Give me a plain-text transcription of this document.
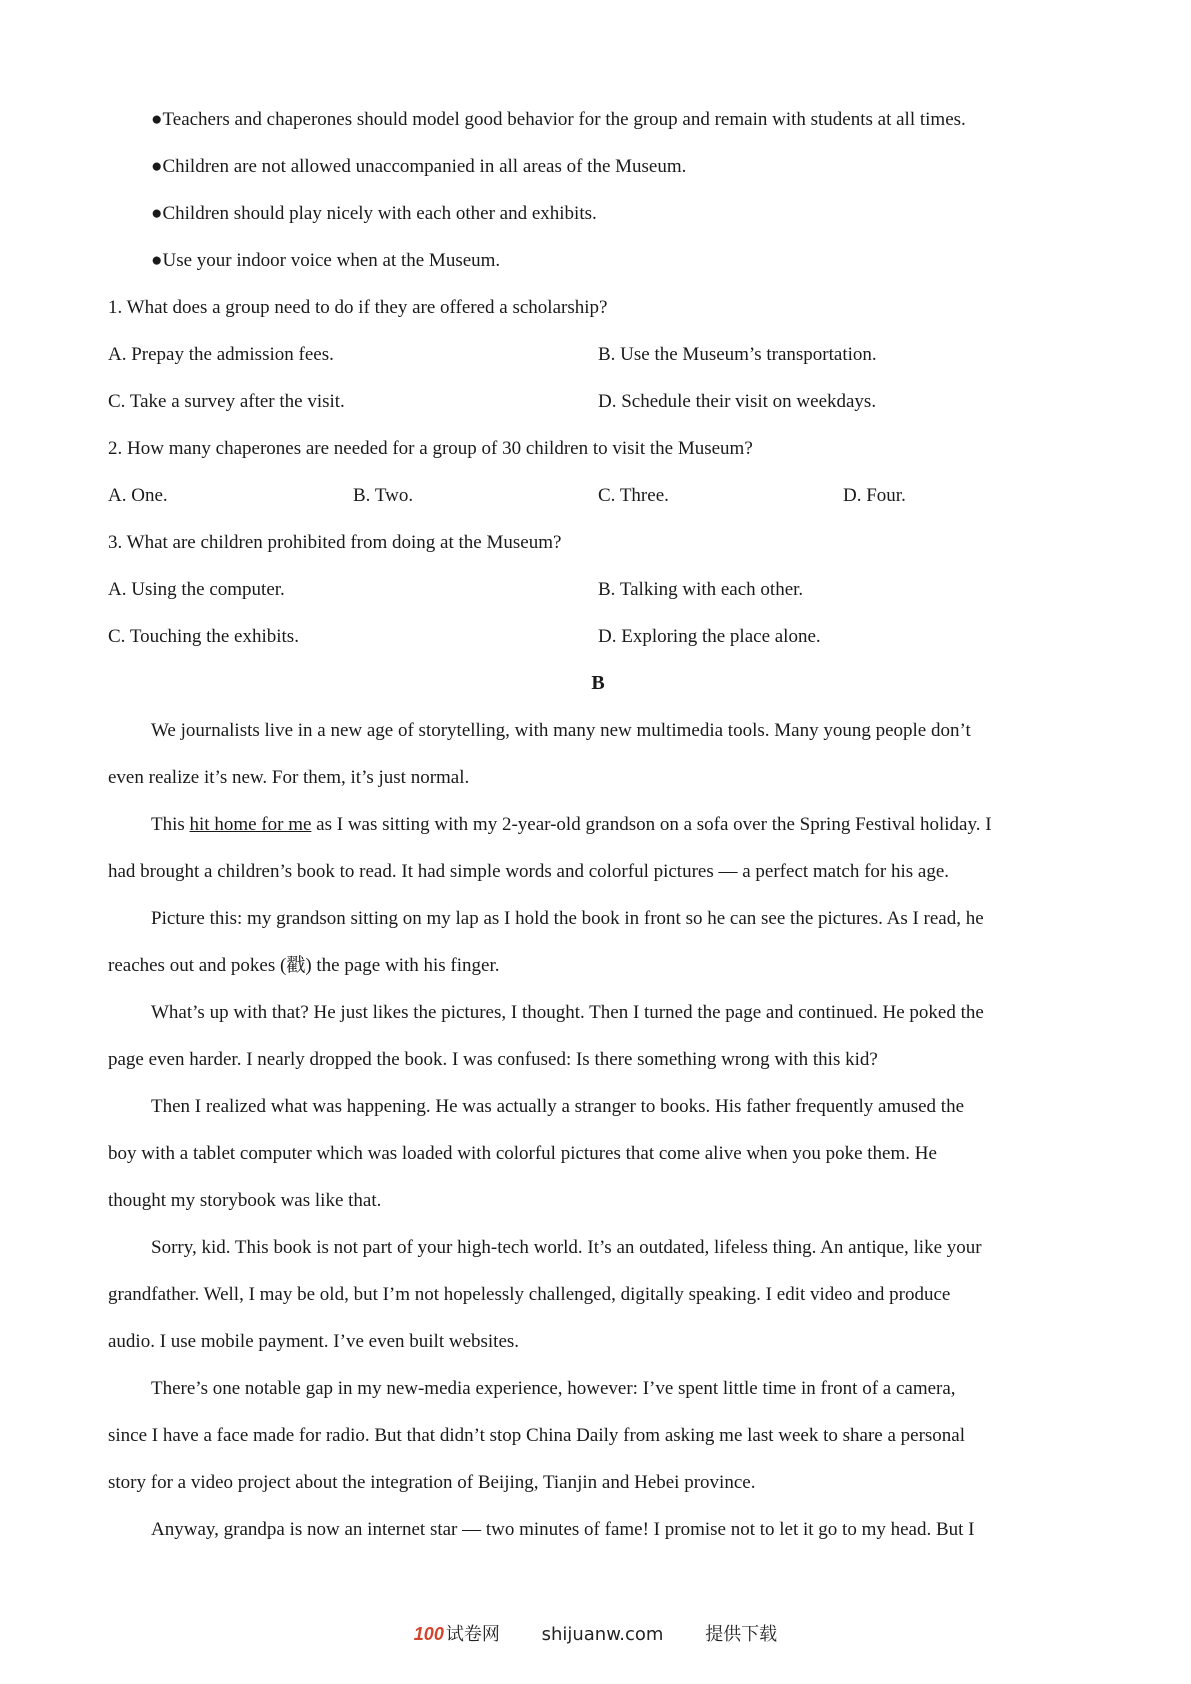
●Teachers and chaperones should model good behavior for the group and remain with students at all times.
●Children are not allowed unaccompanied in all areas of the Museum.
●Children should play nicely with each other and exhibits.
●Use your indoor voice when at the Museum.
1. What does a group need to do if they are offered a scholarship?
A. Prepay the admission fees.	B. Use the Museum’s transportation.
C. Take a survey after the visit.	D. Schedule their visit on weekdays.
2. How many chaperones are needed for a group of 30 children to visit the Museum?
A. One.	B. Two.	C. Three.	D. Four.
3. What are children prohibited from doing at the Museum?
A. Using the computer.	B. Talking with each other.
C. Touching the exhibits.	D. Exploring the place alone.
B
We journalists live in a new age of storytelling, with many new multimedia tools. Many young people don’t
even realize it’s new. For them, it’s just normal.
This hit home for me as I was sitting with my 2-year-old grandson on a sofa over the Spring Festival holiday. I
had brought a children’s book to read. It had simple words and colorful pictures — a perfect match for his age.
Picture this: my grandson sitting on my lap as I hold the book in front so he can see the pictures. As I read, he
reaches out and pokes (戳) the page with his finger.
What’s up with that? He just likes the pictures, I thought. Then I turned the page and continued. He poked the
page even harder. I nearly dropped the book. I was confused: Is there something wrong with this kid?
Then I realized what was happening. He was actually a stranger to books. His father frequently amused the
boy with a tablet computer which was loaded with colorful pictures that come alive when you poke them. He
thought my storybook was like that.
Sorry, kid. This book is not part of your high-tech world. It’s an outdated, lifeless thing. An antique, like your
grandfather. Well, I may be old, but I’m not hopelessly challenged, digitally speaking. I edit video and produce
audio. I use mobile payment. I’ve even built websites.
There’s one notable gap in my new-media experience, however: I’ve spent little time in front of a camera,
since I have a face made for radio. But that didn’t stop China Daily from asking me last week to share a personal
story for a video project about the integration of Beijing, Tianjin and Hebei province.
Anyway, grandpa is now an internet star — two minutes of fame! I promise not to let it go to my head. But I
100 试卷网 shijuanw.com 提供下载
